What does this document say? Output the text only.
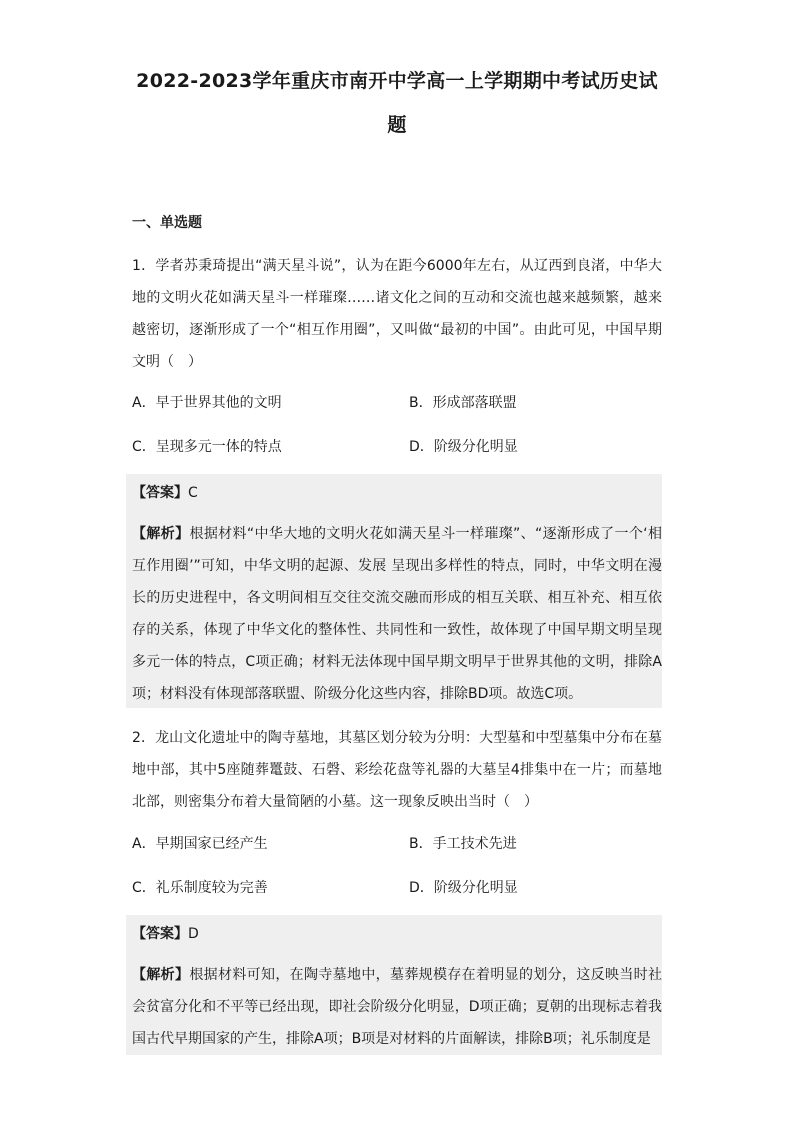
2022-2023学年重庆市南开中学高一上学期期中考试历史试
题
一、单选题
1．学者苏秉琦提出“满天星斗说”，认为在距今6000年左右，从辽西到良渚，中华大地的文明火花如满天星斗一样璀璨……诸文化之间的互动和交流也越来越频繁，越来越密切，逐渐形成了一个“相互作用圈”，又叫做“最初的中国”。由此可见，中国早期文明（　）
A．早于世界其他的文明	B．形成部落联盟
C．呈现多元一体的特点	D．阶级分化明显
【答案】C
【解析】根据材料“中华大地的文明火花如满天星斗一样璀璨”、“逐渐形成了一个‘相互作用圈’”可知，中华文明的起源、发展 呈现出多样性的特点，同时，中华文明在漫长的历史进程中，各文明间相互交往交流交融而形成的相互关联、相互补充、相互依存的关系，体现了中华文化的整体性、共同性和一致性，故体现了中国早期文明呈现多元一体的特点，C项正确；材料无法体现中国早期文明早于世界其他的文明，排除A项；材料没有体现部落联盟、阶级分化这些内容，排除BD项。故选C项。
2．龙山文化遗址中的陶寺墓地，其墓区划分较为分明：大型墓和中型墓集中分布在墓地中部，其中5座随葬鼍鼓、石磬、彩绘花盘等礼器的大墓呈4排集中在一片；而墓地北部，则密集分布着大量简陋的小墓。这一现象反映出当时（　）
A．早期国家已经产生	B．手工技术先进
C．礼乐制度较为完善	D．阶级分化明显
【答案】D
【解析】根据材料可知，在陶寺墓地中，墓葬规模存在着明显的划分，这反映当时社会贫富分化和不平等已经出现，即社会阶级分化明显，D项正确；夏朝的出现标志着我国古代早期国家的产生，排除A项；B项是对材料的片面解读，排除B项；礼乐制度是
